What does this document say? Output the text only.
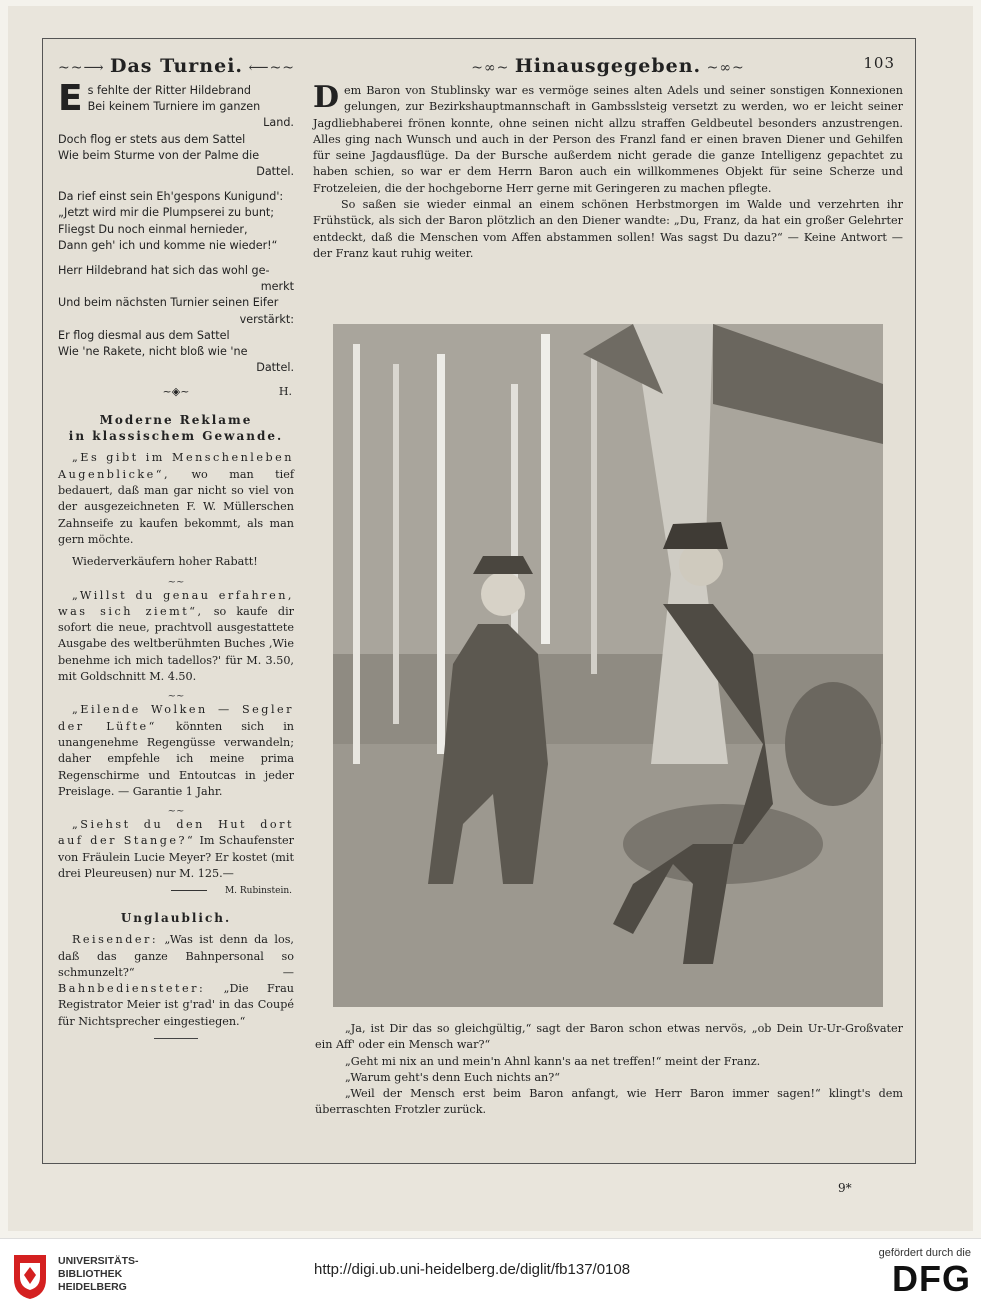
~~⟶ Das Turnei. ⟵~~

E s fehlte der Ritter Hildebrand
Bei keinem Turniere im ganzen

Land.
Doch flog er stets aus dem Sattel
Wie beim Sturme von der Palme die

Dattel.

Da rief einst sein Eh'gespons Kunigund':
„Jetzt wird mir die Plumpserei zu bunt;
Fliegst Du noch einmal hernieder,
Dann geh' ich und komme nie wieder!“

Herr Hildebrand hat sich das wohl ge-

merkt
Und beim nächsten Turnier seinen Eifer

verstärkt:
Er flog diesmal aus dem Sattel
Wie 'ne Rakete, nicht bloß wie 'ne

Dattel.

~◈~	H.
Moderne Reklame
in klassischem Gewande.

„Es gibt im Menschenleben Augenblicke“, wo man tief bedauert, daß man gar nicht so viel von der ausgezeichneten F. W. Müllerschen Zahnseife zu kaufen bekommt, als man gern möchte.

Wiederverkäufern hoher Rabatt!

~~

„Willst du genau erfahren, was sich ziemt“, so kaufe dir sofort die neue, prachtvoll ausgestattete Ausgabe des weltberühmten Buches ‚Wie benehme ich mich tadellos?' für M. 3.50, mit Goldschnitt M. 4.50.

~~

„Eilende Wolken — Segler der Lüfte“ könnten sich in unangenehme Regengüsse verwandeln; daher empfehle ich meine prima Regenschirme und Entoutcas in jeder Preislage. — Garantie 1 Jahr.

~~

„Siehst du den Hut dort auf der Stange?“ Im Schaufenster von Fräulein Lucie Meyer? Er kostet (mit drei Pleureusen) nur M. 125.—

M. Rubinstein.

Unglaublich.

Reisender: „Was ist denn da los, daß das ganze Bahnpersonal so schmunzelt?“ — Bahnbediensteter: „Die Frau Registrator Meier ist g'rad' in das Coupé für Nichtsprecher eingestiegen.“

~∞~ Hinausgegeben. ~∞~	103

Dem Baron von Stublinsky war es vermöge seines alten Adels und seiner sonstigen Konnexionen gelungen, zur Bezirkshauptmannschaft in Gambsslsteig versetzt zu werden, wo er leicht seiner Jagdliebhaberei frönen konnte, ohne seinen nicht allzu straffen Geldbeutel besonders anzustrengen. Alles ging nach Wunsch und auch in der Person des Franzl fand er einen braven Diener und Gehilfen für seine Jagdausflüge. Da der Bursche außerdem nicht gerade die ganze Intelligenz gepachtet zu haben schien, so war er dem Herrn Baron auch ein willkommenes Objekt für seine Scherze und Frotzeleien, die der hochgeborne Herr gerne mit Geringeren zu machen pflegte.

So saßen sie wieder einmal an einem schönen Herbstmorgen im Walde und verzehrten ihr Frühstück, als sich der Baron plötzlich an den Diener wandte: „Du, Franz, da hat ein großer Gelehrter entdeckt, daß die Menschen vom Affen abstammen sollen! Was sagst Du dazu?“ — Keine Antwort — der Franz kaut ruhig weiter.

„Ja, ist Dir das so gleichgültig,“ sagt der Baron schon etwas nervös, „ob Dein Ur-Ur-Großvater ein Aff' oder ein Mensch war?“

„Geht mi nix an und mein'n Ahnl kann's aa net treffen!“ meint der Franz.

„Warum geht's denn Euch nichts an?“

„Weil der Mensch erst beim Baron anfangt, wie Herr Baron immer sagen!“ klingt's dem überraschten Frotzler zurück.

9*
UNIVERSITÄTS-
BIBLIOTHEK
HEIDELBERG
http://digi.ub.uni-heidelberg.de/diglit/fb137/0108
gefördert durch die
DFG
